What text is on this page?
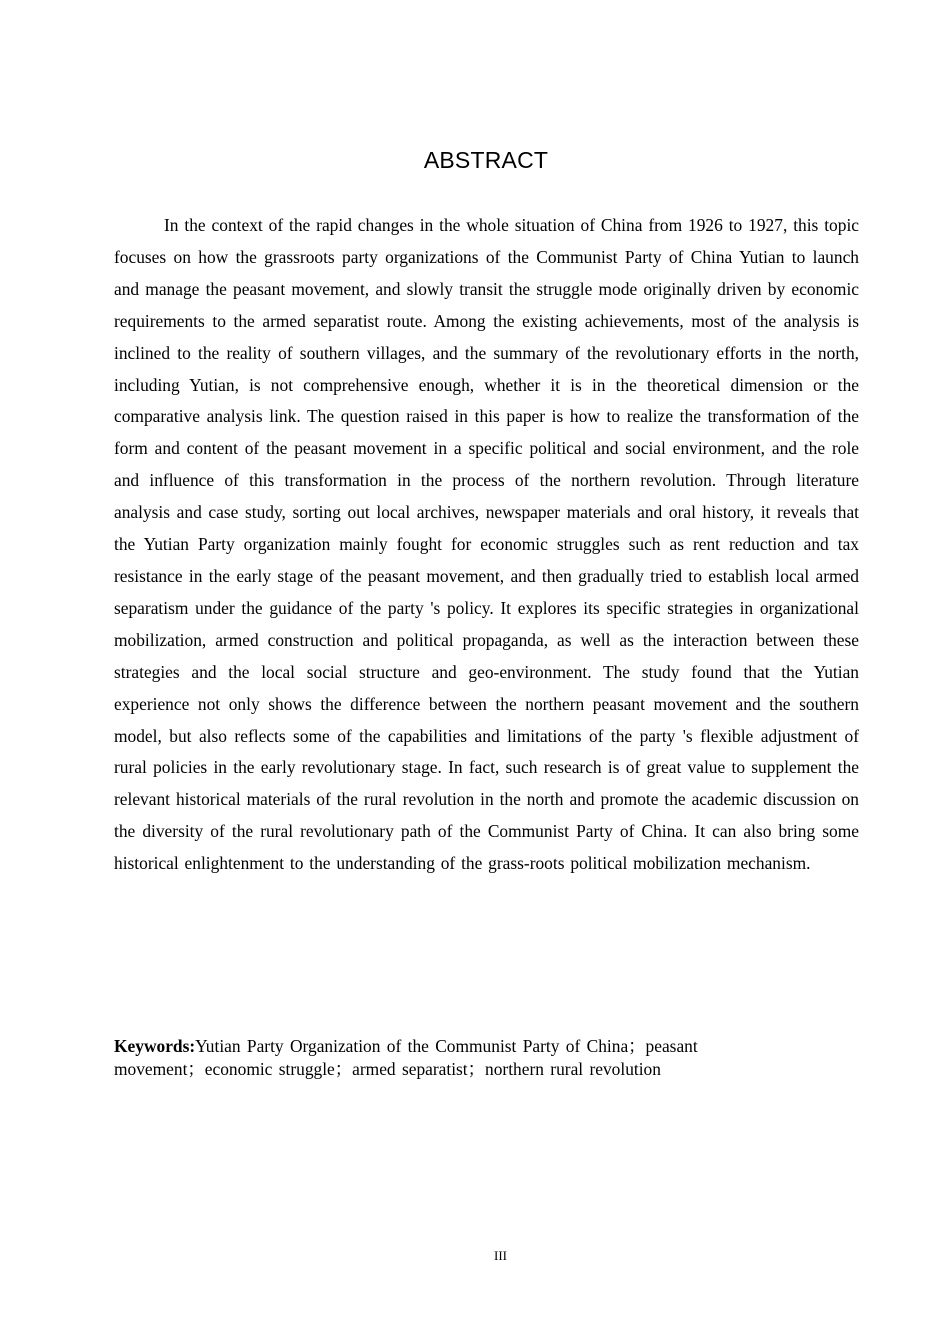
ABSTRACT

In the context of the rapid changes in the whole situation of China from 1926 to 1927, this topic focuses on how the grassroots party organizations of the Communist Party of China Yutian to launch and manage the peasant movement, and slowly transit the struggle mode originally driven by economic requirements to the armed separatist route. Among the existing achievements, most of the analysis is inclined to the reality of southern villages, and the summary of the revolutionary efforts in the north, including Yutian, is not comprehensive enough, whether it is in the theoretical dimension or the comparative analysis link. The question raised in this paper is how to realize the transformation of the form and content of the peasant movement in a specific political and social environment, and the role and influence of this transformation in the process of the northern revolution. Through literature analysis and case study, sorting out local archives, newspaper materials and oral history, it reveals that the Yutian Party organization mainly fought for economic struggles such as rent reduction and tax resistance in the early stage of the peasant movement, and then gradually tried to establish local armed separatism under the guidance of the party 's policy. It explores its specific strategies in organizational mobilization, armed construction and political propaganda, as well as the interaction between these strategies and the local social structure and geo-environment. The study found that the Yutian experience not only shows the difference between the northern peasant movement and the southern model, but also reflects some of the capabilities and limitations of the party 's flexible adjustment of rural policies in the early revolutionary stage. In fact, such research is of great value to supplement the relevant historical materials of the rural revolution in the north and promote the academic discussion on the diversity of the rural revolutionary path of the Communist Party of China. It can also bring some historical enlightenment to the understanding of the grass-roots political mobilization mechanism.

Keywords:Yutian Party Organization of the Communist Party of China；peasant movement；economic struggle；armed separatist；northern rural revolution

III
